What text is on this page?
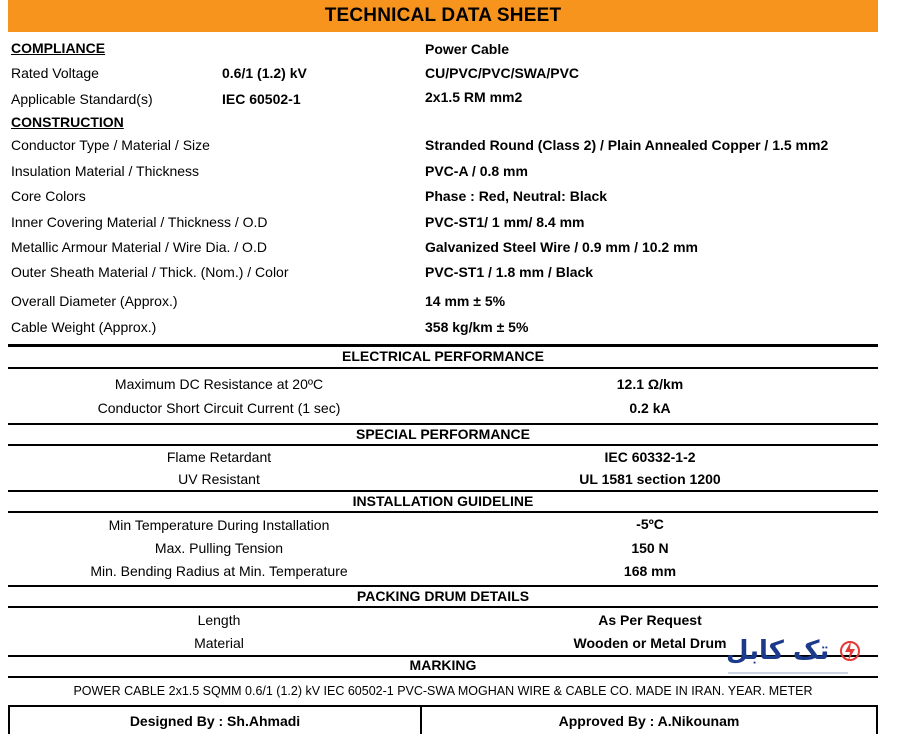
TECHNICAL DATA SHEET
COMPLIANCE
Rated Voltage	0.6/1 (1.2) kV
Applicable Standard(s)	IEC 60502-1
Power Cable
CU/PVC/PVC/SWA/PVC
2x1.5 RM mm2
CONSTRUCTION
Conductor Type / Material / Size	Stranded Round (Class 2) / Plain Annealed Copper / 1.5 mm2
Insulation Material / Thickness	PVC-A / 0.8 mm
Core Colors	Phase : Red, Neutral: Black
Inner Covering Material / Thickness / O.D	PVC-ST1/ 1 mm/ 8.4 mm
Metallic Armour Material / Wire Dia. / O.D	Galvanized Steel Wire / 0.9 mm / 10.2 mm
Outer Sheath Material / Thick. (Nom.) / Color	PVC-ST1 / 1.8 mm / Black
Overall Diameter (Approx.)	14 mm ± 5%
Cable Weight (Approx.)	358 kg/km ± 5%
ELECTRICAL PERFORMANCE
Maximum DC Resistance at 20ºC	12.1 Ω/km
Conductor Short Circuit Current (1 sec)	0.2 kA
SPECIAL PERFORMANCE
Flame Retardant	IEC 60332-1-2
UV Resistant	UL 1581 section 1200
INSTALLATION GUIDELINE
Min Temperature During Installation	-5ºC
Max. Pulling Tension	150 N
Min. Bending Radius at Min. Temperature	168 mm
PACKING DRUM DETAILS
Length	As Per Request
Material	Wooden or Metal Drum
MARKING
POWER CABLE 2x1.5 SQMM 0.6/1 (1.2) kV IEC 60502-1 PVC-SWA MOGHAN WIRE & CABLE CO. MADE IN IRAN. YEAR. METER
Designed By : Sh.Ahmadi	Approved By : A.Nikounam
تک کابل
